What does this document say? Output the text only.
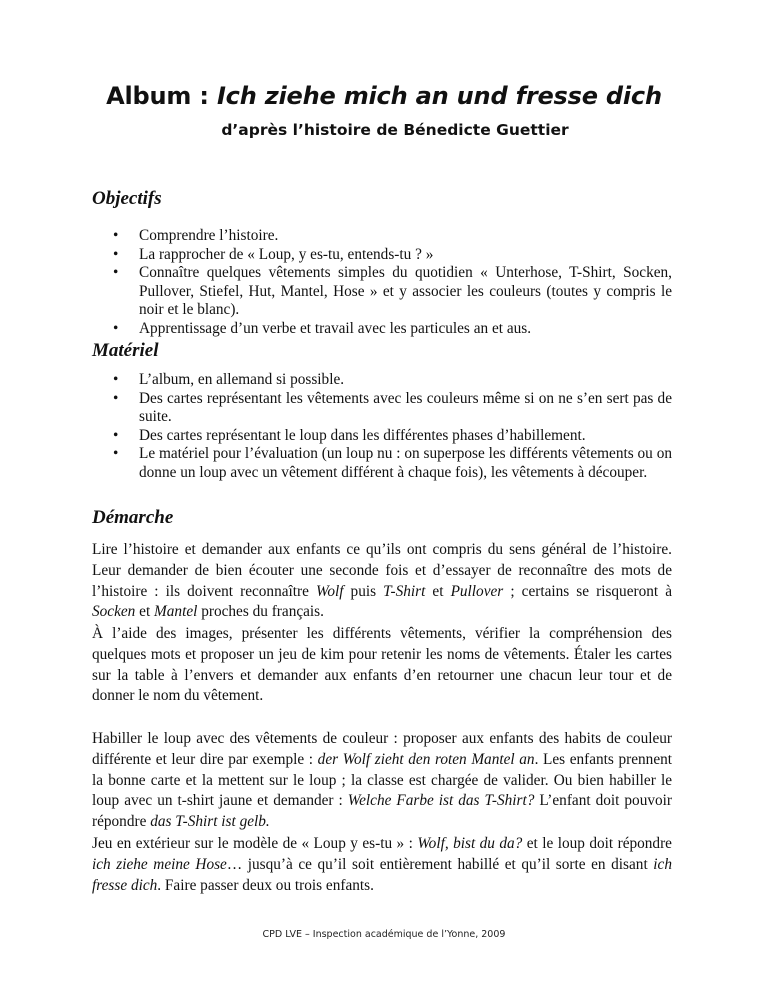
Album : Ich ziehe mich an und fresse dich
d’après l’histoire de Bénedicte Guettier
Objectifs
• Comprendre l’histoire.
• La rapprocher de « Loup, y es-tu, entends-tu ? »
• Connaître quelques vêtements simples du quotidien « Unterhose, T-Shirt, Socken, Pullover, Stiefel, Hut, Mantel, Hose » et y associer les couleurs (toutes y compris le noir et le blanc).
• Apprentissage d’un verbe et travail avec les particules an et aus.
Matériel
• L’album, en allemand si possible.
• Des cartes représentant les vêtements avec les couleurs même si on ne s’en sert pas de suite.
• Des cartes représentant le loup dans les différentes phases d’habillement.
• Le matériel pour l’évaluation (un loup nu : on superpose les différents vêtements ou on donne un loup avec un vêtement différent à chaque fois), les vêtements à découper.
Démarche

Lire l’histoire et demander aux enfants ce qu’ils ont compris du sens général de l’histoire. Leur demander de bien écouter une seconde fois et d’essayer de reconnaître des mots de l’histoire : ils doivent reconnaître Wolf puis T-Shirt et Pullover ; certains se risqueront à Socken et Mantel proches du français.

À l’aide des images, présenter les différents vêtements, vérifier la compréhension des quelques mots et proposer un jeu de kim pour retenir les noms de vêtements. Étaler les cartes sur la table à l’envers et demander aux enfants d’en retourner une chacun leur tour et de donner le nom du vêtement.

Habiller le loup avec des vêtements de couleur : proposer aux enfants des habits de couleur différente et leur dire par exemple : der Wolf zieht den roten Mantel an. Les enfants prennent la bonne carte et la mettent sur le loup ; la classe est chargée de valider. Ou bien habiller le loup avec un t-shirt jaune et demander : Welche Farbe ist das T-Shirt? L’enfant doit pouvoir répondre das T-Shirt ist gelb.

Jeu en extérieur sur le modèle de « Loup y es-tu » : Wolf, bist du da? et le loup doit répondre ich ziehe meine Hose… jusqu’à ce qu’il soit entièrement habillé et qu’il sorte en disant ich fresse dich. Faire passer deux ou trois enfants.

CPD LVE – Inspection académique de l’Yonne, 2009
